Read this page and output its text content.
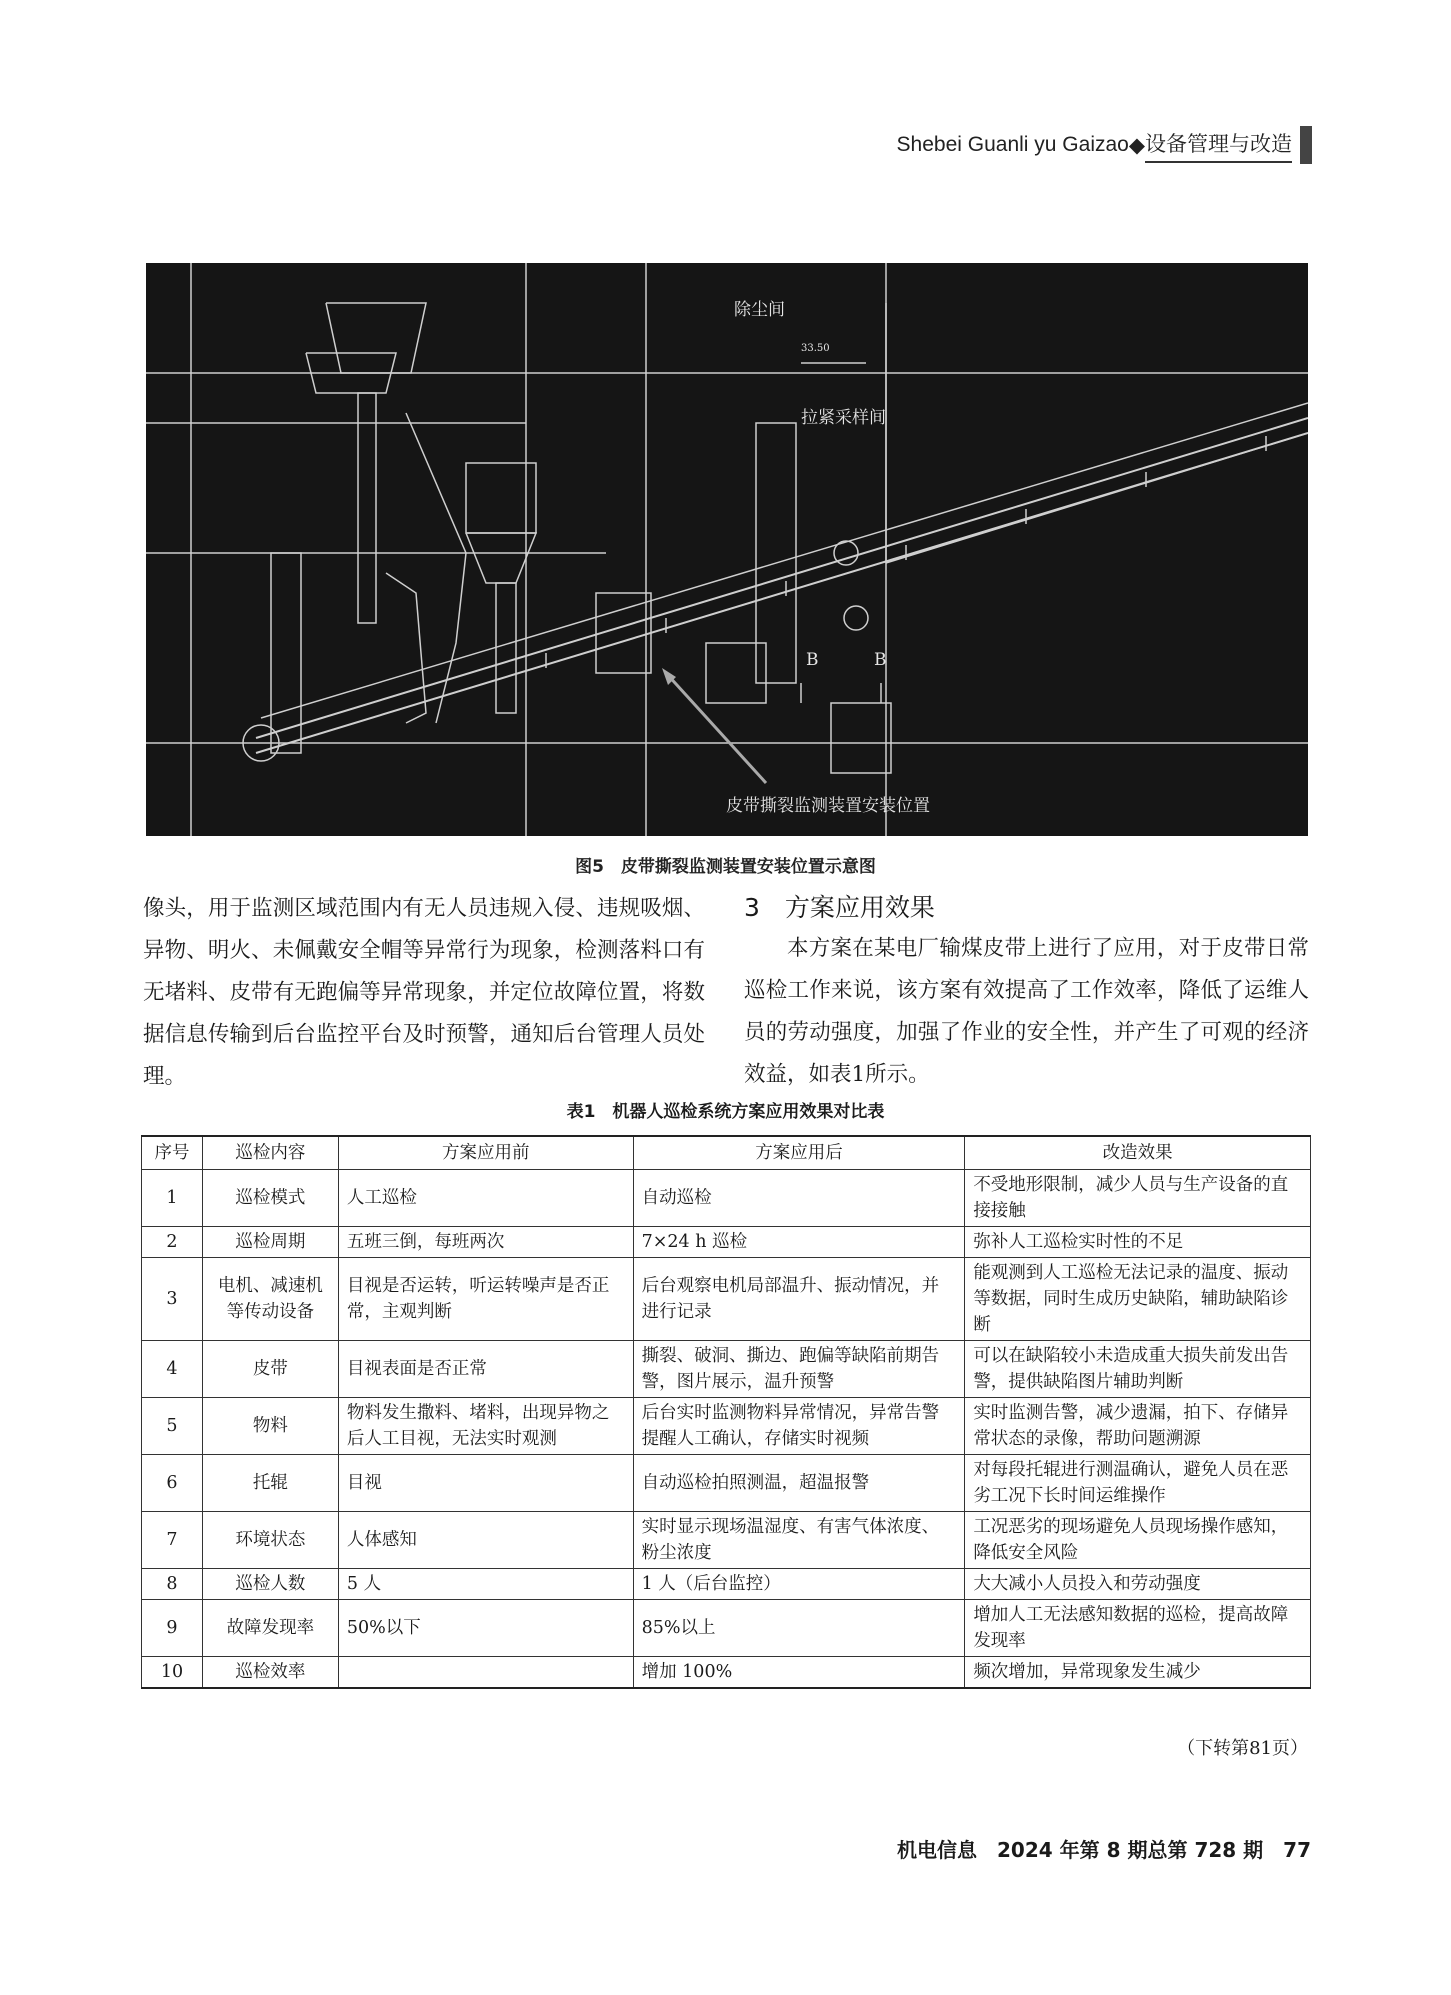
Shebei Guanli yu Gaizao ◆ 设备管理与改造
除尘间
33.50
拉紧采样间
B	B
皮带撕裂监测装置安装位置
图5　皮带撕裂监测装置安装位置示意图

像头，用于监测区域范围内有无人员违规入侵、违规吸烟、异物、明火、未佩戴安全帽等异常行为现象，检测落料口有无堵料、皮带有无跑偏等异常现象，并定位故障位置，将数据信息传输到后台监控平台及时预警，通知后台管理人员处理。

3　方案应用效果

本方案在某电厂输煤皮带上进行了应用，对于皮带日常巡检工作来说，该方案有效提高了工作效率，降低了运维人员的劳动强度，加强了作业的安全性，并产生了可观的经济效益，如表1所示。

表1　机器人巡检系统方案应用效果对比表
序号	巡检内容	方案应用前	方案应用后	改造效果
1	巡检模式	人工巡检	自动巡检	不受地形限制，减少人员与生产设备的直接接触
2	巡检周期	五班三倒，每班两次	7×24 h 巡检	弥补人工巡检实时性的不足
3	电机、减速机等传动设备	目视是否运转，听运转噪声是否正常，主观判断	后台观察电机局部温升、振动情况，并进行记录	能观测到人工巡检无法记录的温度、振动等数据，同时生成历史缺陷，辅助缺陷诊断
4	皮带	目视表面是否正常	撕裂、破洞、撕边、跑偏等缺陷前期告警，图片展示，温升预警	可以在缺陷较小未造成重大损失前发出告警，提供缺陷图片辅助判断
5	物料	物料发生撒料、堵料，出现异物之后人工目视，无法实时观测	后台实时监测物料异常情况，异常告警提醒人工确认，存储实时视频	实时监测告警，减少遗漏，拍下、存储异常状态的录像，帮助问题溯源
6	托辊	目视	自动巡检拍照测温，超温报警	对每段托辊进行测温确认，避免人员在恶劣工况下长时间运维操作
7	环境状态	人体感知	实时显示现场温湿度、有害气体浓度、粉尘浓度	工况恶劣的现场避免人员现场操作感知，降低安全风险
8	巡检人数	5 人	1 人（后台监控）	大大减小人员投入和劳动强度
9	故障发现率	50%以下	85%以上	增加人工无法感知数据的巡检，提高故障发现率
10	巡检效率		增加 100%	频次增加，异常现象发生减少
（下转第81页）
机电信息　2024 年第 8 期总第 728 期　77
